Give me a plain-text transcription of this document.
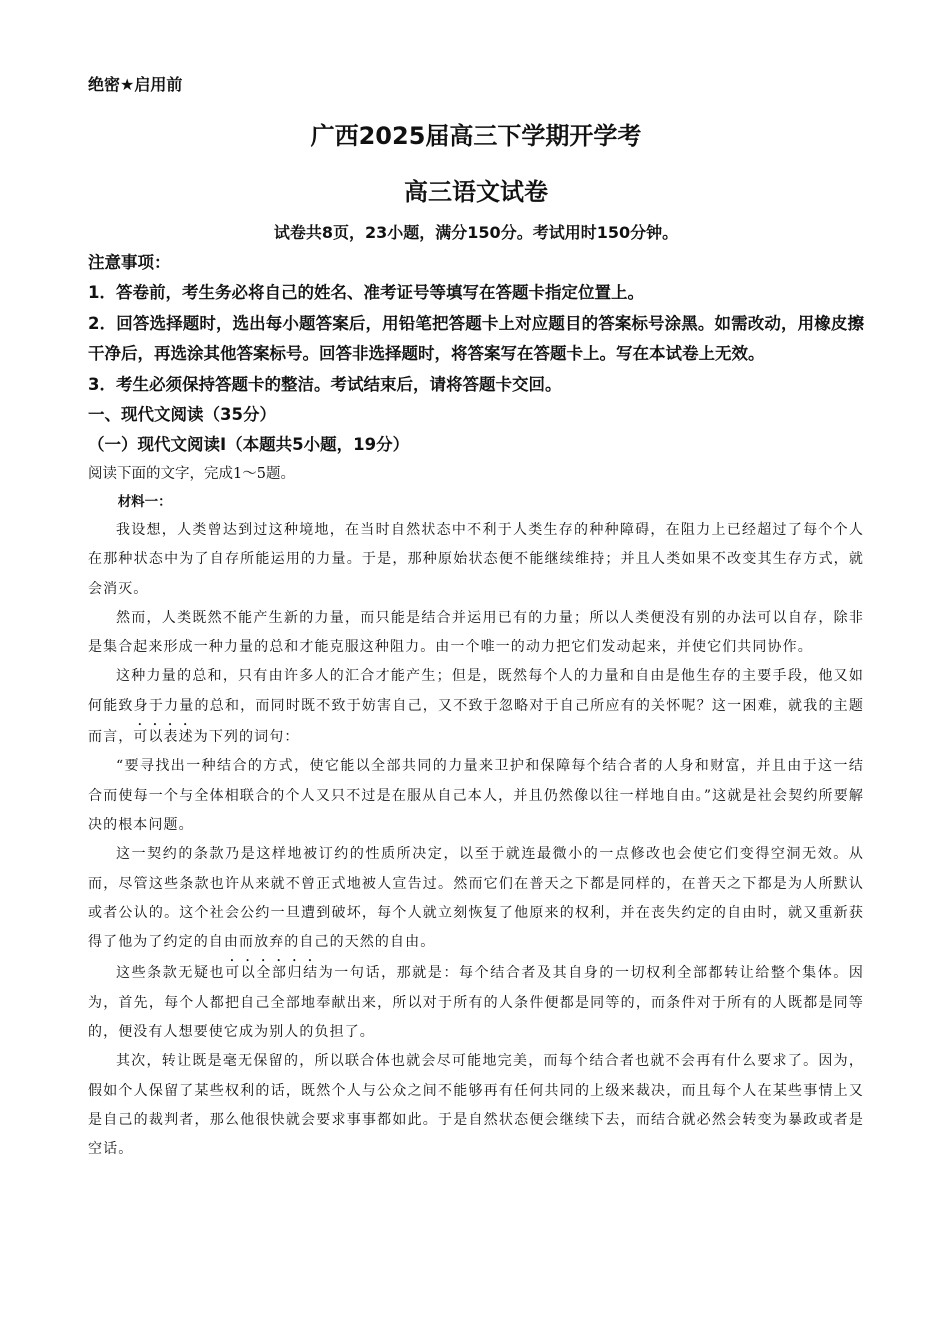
绝密★启用前

广西2025届高三下学期开学考

高三语文试卷

试卷共8页，23小题，满分150分。考试用时150分钟。

注意事项：

1．答卷前，考生务必将自己的姓名、准考证号等填写在答题卡指定位置上。

2．回答选择题时，选出每小题答案后，用铅笔把答题卡上对应题目的答案标号涂黑。如需改动，用橡皮擦干净后，再选涂其他答案标号。回答非选择题时，将答案写在答题卡上。写在本试卷上无效。

3．考生必须保持答题卡的整洁。考试结束后，请将答题卡交回。

一、现代文阅读（35分）

（一）现代文阅读Ⅰ（本题共5小题，19分）

阅读下面的文字，完成1～5题。

材料一：

我设想，人类曾达到过这种境地，在当时自然状态中不利于人类生存的种种障碍，在阻力上已经超过了每个个人在那种状态中为了自存所能运用的力量。于是，那种原始状态便不能继续维持；并且人类如果不改变其生存方式，就会消灭。

然而，人类既然不能产生新的力量，而只能是结合并运用已有的力量；所以人类便没有别的办法可以自存，除非是集合起来形成一种力量的总和才能克服这种阻力。由一个唯一的动力把它们发动起来，并使它们共同协作。

这种力量的总和，只有由许多人的汇合才能产生；但是，既然每个人的力量和自由是他生存的主要手段，他又如何能致身于力量的总和，而同时既不致于妨害自己，又不致于忽略对于自己所应有的关怀呢？这一困难，就我的主题而言，可以表述为下列的词句：

“要寻找出一种结合的方式，使它能以全部共同的力量来卫护和保障每个结合者的人身和财富，并且由于这一结合而使每一个与全体相联合的个人又只不过是在服从自己本人，并且仍然像以往一样地自由。”这就是社会契约所要解决的根本问题。

这一契约的条款乃是这样地被订约的性质所决定，以至于就连最微小的一点修改也会使它们变得空洞无效。从而，尽管这些条款也许从来就不曾正式地被人宣告过。然而它们在普天之下都是同样的，在普天之下都是为人所默认或者公认的。这个社会公约一旦遭到破坏，每个人就立刻恢复了他原来的权利，并在丧失约定的自由时，就又重新获得了他为了约定的自由而放弃的自己的天然的自由。

这些条款无疑也可以全部归结为一句话，那就是：每个结合者及其自身的一切权利全部都转让给整个集体。因为，首先，每个人都把自己全部地奉献出来，所以对于所有的人条件便都是同等的，而条件对于所有的人既都是同等的，便没有人想要使它成为别人的负担了。

其次，转让既是毫无保留的，所以联合体也就会尽可能地完美，而每个结合者也就不会再有什么要求了。因为，假如个人保留了某些权利的话，既然个人与公众之间不能够再有任何共同的上级来裁决，而且每个人在某些事情上又是自己的裁判者，那么他很快就会要求事事都如此。于是自然状态便会继续下去，而结合就必然会转变为暴政或者是空话。
